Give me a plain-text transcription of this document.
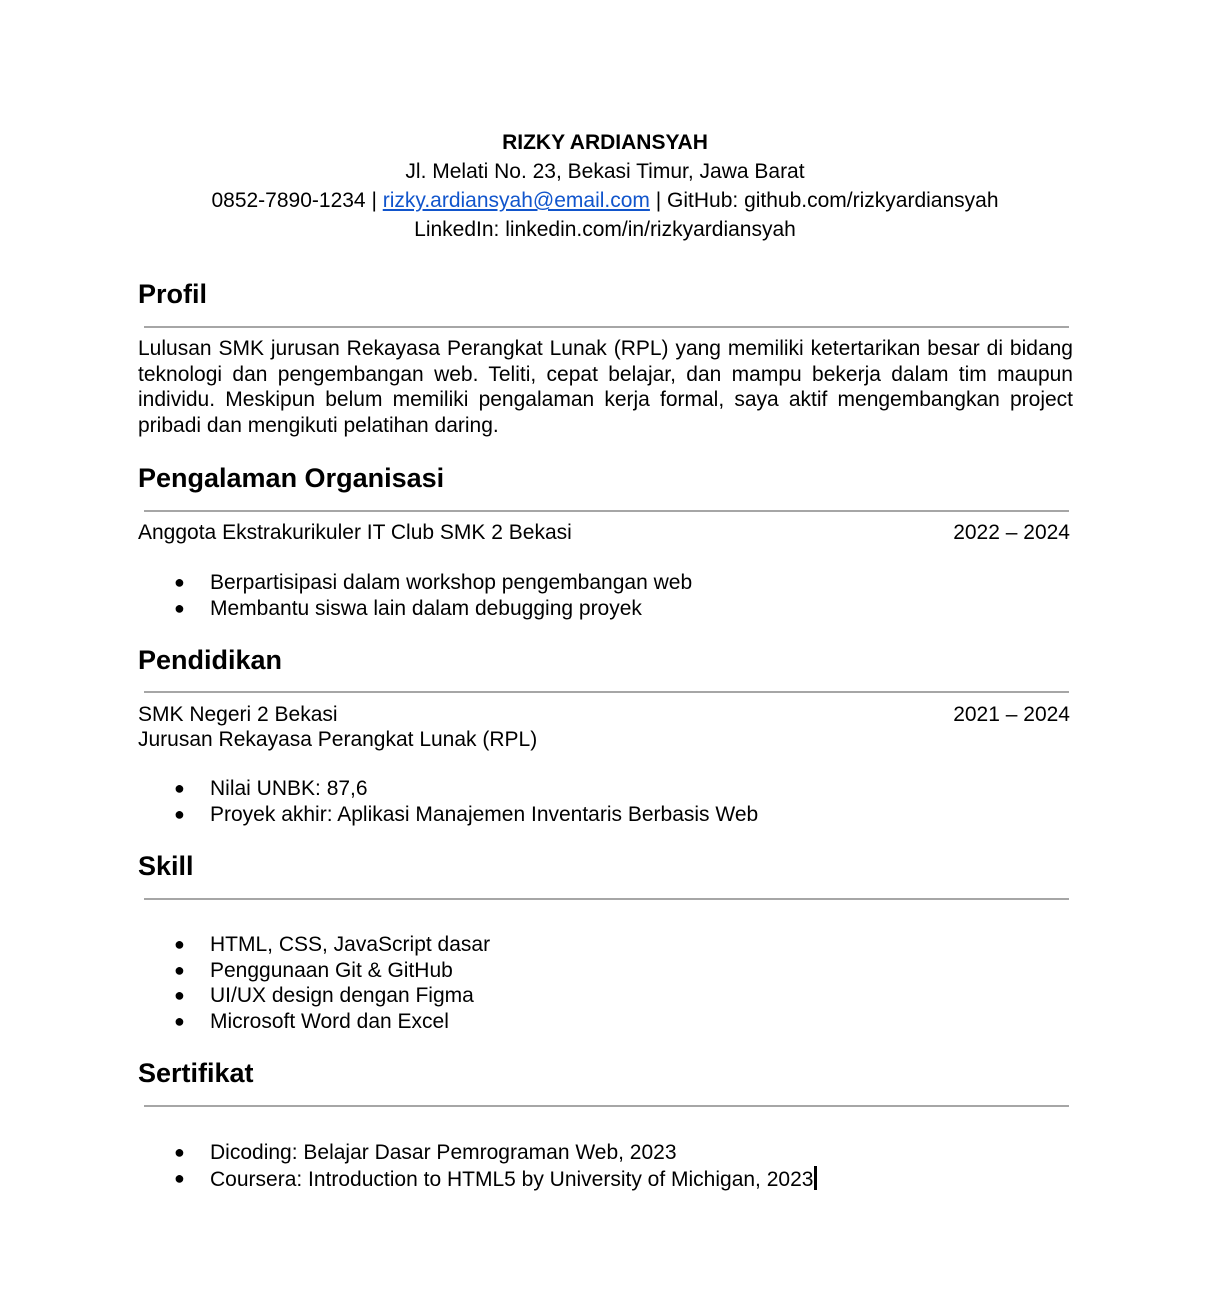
RIZKY ARDIANSYAH
Jl. Melati No. 23, Bekasi Timur, Jawa Barat
0852-7890-1234 | rizky.ardiansyah@email.com | GitHub: github.com/rizkyardiansyah
LinkedIn: linkedin.com/in/rizkyardiansyah
Profil
Lulusan SMK jurusan Rekayasa Perangkat Lunak (RPL) yang memiliki ketertarikan besar di bidang teknologi dan pengembangan web. Teliti, cepat belajar, dan mampu bekerja dalam tim maupun individu. Meskipun belum memiliki pengalaman kerja formal, saya aktif mengembangkan project pribadi dan mengikuti pelatihan daring.
Pengalaman Organisasi
Anggota Ekstrakurikuler IT Club SMK 2 Bekasi	2022 – 2024
● Berpartisipasi dalam workshop pengembangan web
● Membantu siswa lain dalam debugging proyek
Pendidikan
SMK Negeri 2 Bekasi	2021 – 2024
Jurusan Rekayasa Perangkat Lunak (RPL)
● Nilai UNBK: 87,6
● Proyek akhir: Aplikasi Manajemen Inventaris Berbasis Web
Skill
● HTML, CSS, JavaScript dasar
● Penggunaan Git & GitHub
● UI/UX design dengan Figma
● Microsoft Word dan Excel
Sertifikat
● Dicoding: Belajar Dasar Pemrograman Web, 2023
● Coursera: Introduction to HTML5 by University of Michigan, 2023
